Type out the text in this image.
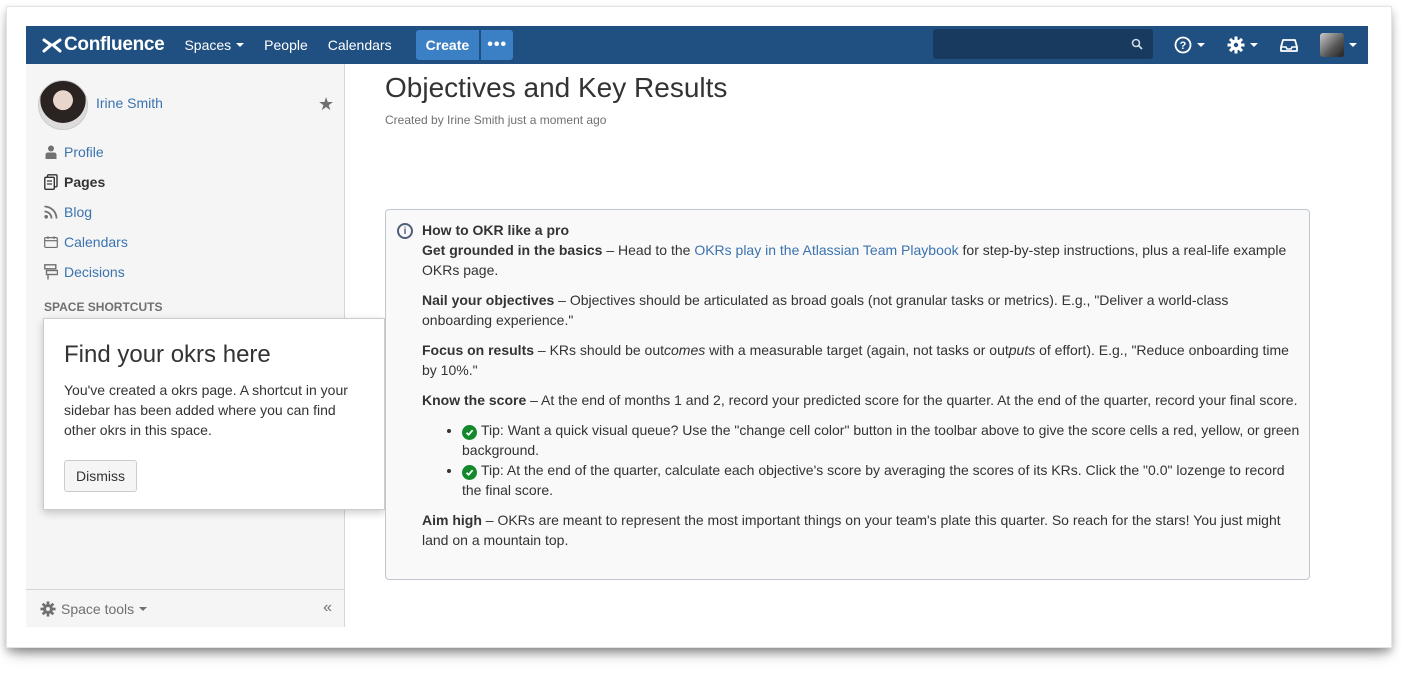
Confluence Spaces People Calendars	Create	•••	?
Irine Smith	★
Profile
Pages
Blog
Calendars
Decisions
SPACE SHORTCUTS
Space tools	«
Find your okrs here

You've created a okrs page. A shortcut in your sidebar has been added where you can find other okrs in this space.

Dismiss
Objectives and Key Results
Created by Irine Smith just a moment ago
i	How to OKR like a pro

Get grounded in the basics – Head to the OKRs play in the Atlassian Team Playbook for step-by-step instructions, plus a real-life example OKRs page.

Nail your objectives – Objectives should be articulated as broad goals (not granular tasks or metrics). E.g., "Deliver a world-class onboarding experience."

Focus on results – KRs should be outcomes with a measurable target (again, not tasks or outputs of effort). E.g., "Reduce onboarding time by 10%."

Know the score – At the end of months 1 and 2, record your predicted score for the quarter. At the end of the quarter, record your final score.

• Tip: Want a quick visual queue? Use the "change cell color" button in the toolbar above to give the score cells a red, yellow, or green background.
• Tip: At the end of the quarter, calculate each objective's score by averaging the scores of its KRs. Click the "0.0" lozenge to record the final score.

Aim high – OKRs are meant to represent the most important things on your team's plate this quarter. So reach for the stars! You just might land on a mountain top.
